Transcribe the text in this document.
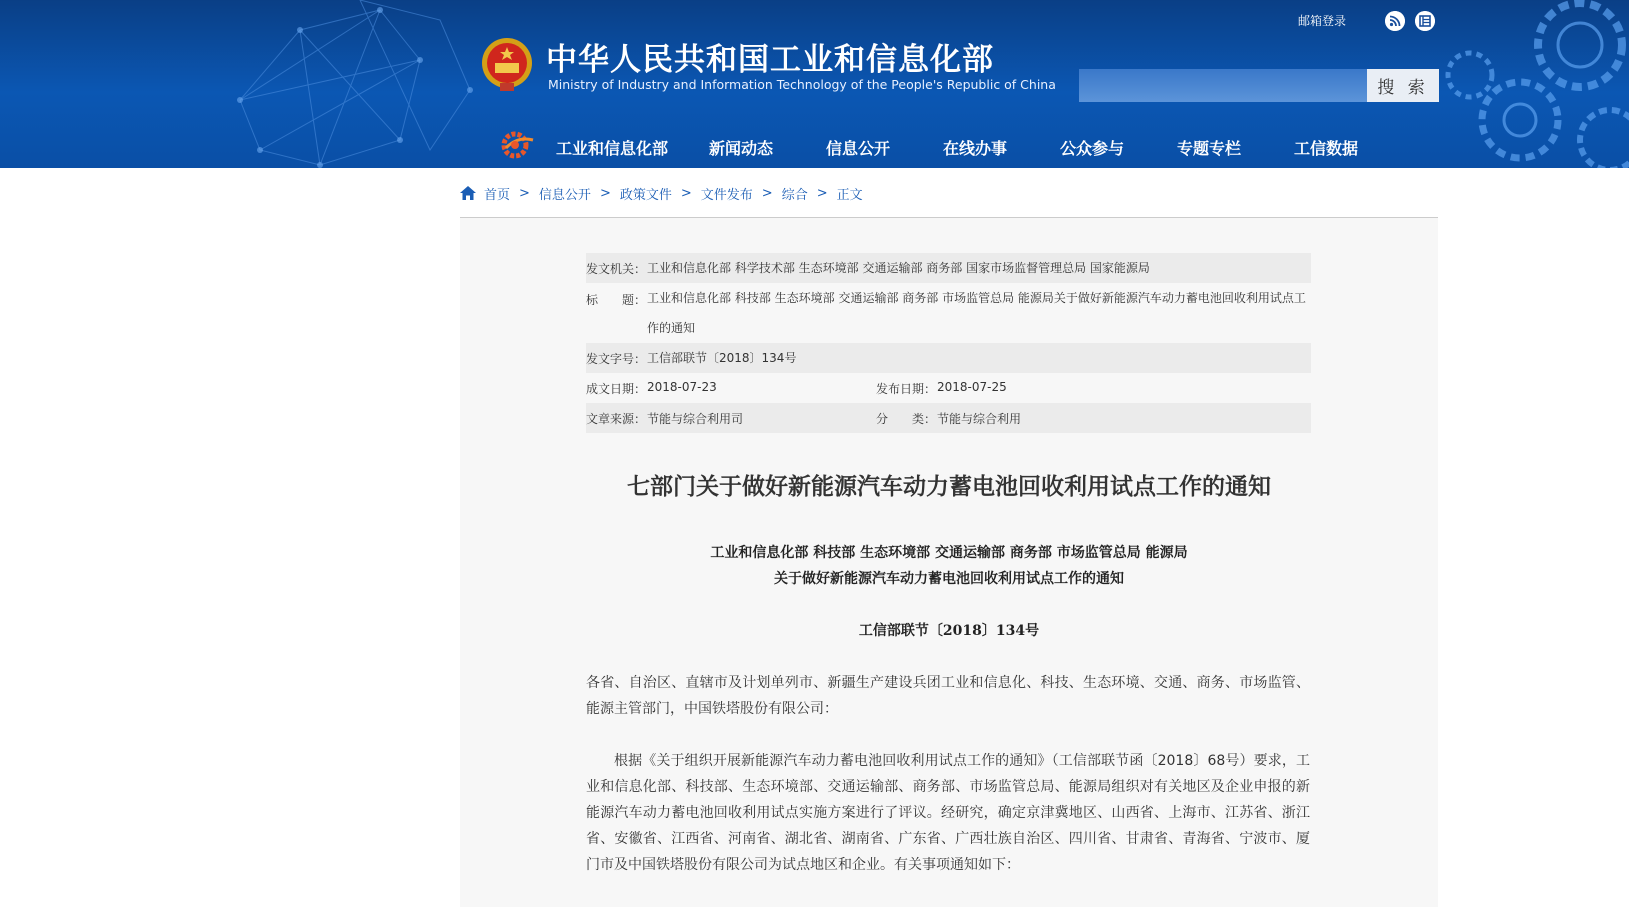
中华人民共和国工业和信息化部
Ministry of Industry and Information Technology of the People's Republic of China
邮箱登录
搜 索
工业和信息化部	新闻动态	信息公开	在线办事	公众参与	专题专栏	工信数据
首页 > 信息公开 > 政策文件 > 文件发布 > 综合 > 正文
发文机关： 工业和信息化部 科学技术部 生态环境部 交通运输部 商务部 国家市场监督管理总局 国家能源局
标　　题： 工业和信息化部 科技部 生态环境部 交通运输部 商务部 市场监管总局 能源局关于做好新能源汽车动力蓄电池回收利用试点工作的通知
发文字号： 工信部联节〔2018〕134号
成文日期： 2018-07-23	发布日期： 2018-07-25
文章来源： 节能与综合利用司	分　　类： 节能与综合利用
七部门关于做好新能源汽车动力蓄电池回收利用试点工作的通知
工业和信息化部 科技部 生态环境部 交通运输部 商务部 市场监管总局 能源局
关于做好新能源汽车动力蓄电池回收利用试点工作的通知
工信部联节〔2018〕134号
各省、自治区、直辖市及计划单列市、新疆生产建设兵团工业和信息化、科技、生态环境、交通、商务、市场监管、能源主管部门，中国铁塔股份有限公司：
根据《关于组织开展新能源汽车动力蓄电池回收利用试点工作的通知》（工信部联节函〔2018〕68号）要求，工业和信息化部、科技部、生态环境部、交通运输部、商务部、市场监管总局、能源局组织对有关地区及企业申报的新能源汽车动力蓄电池回收利用试点实施方案进行了评议。经研究，确定京津冀地区、山西省、上海市、江苏省、浙江省、安徽省、江西省、河南省、湖北省、湖南省、广东省、广西壮族自治区、四川省、甘肃省、青海省、宁波市、厦门市及中国铁塔股份有限公司为试点地区和企业。有关事项通知如下：
